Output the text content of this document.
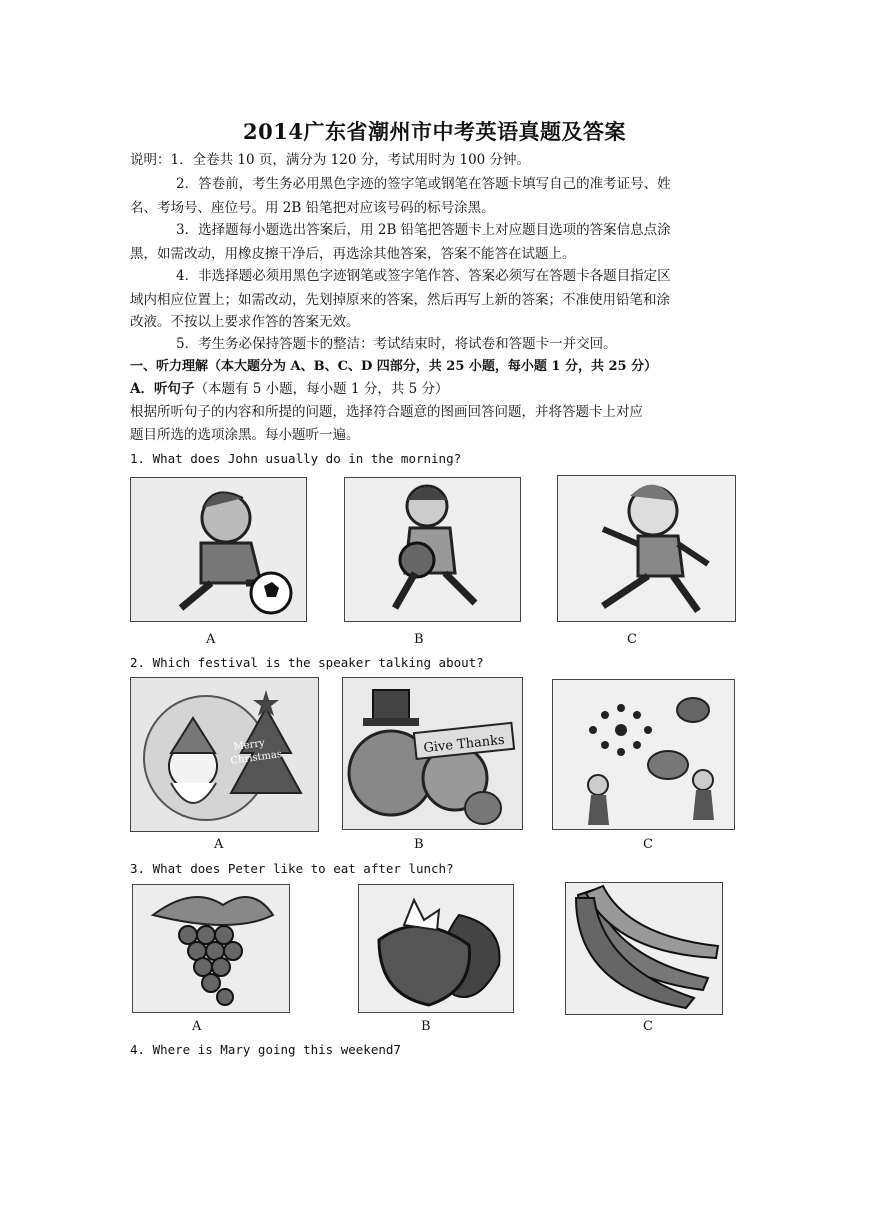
2014广东省潮州市中考英语真题及答案
说明：1．全卷共 10 页，满分为 120 分，考试用时为 100 分钟。
2．答卷前，考生务必用黑色字迹的签字笔或钢笔在答题卡填写自己的准考证号、姓
名、考场号、座位号。用 2B 铅笔把对应该号码的标号涂黑。
3．选择题每小题选出答案后，用 2B 铅笔把答题卡上对应题目选项的答案信息点涂
黑，如需改动，用橡皮擦干净后，再选涂其他答案，答案不能答在试题上。
4．非选择题必须用黑色字迹钢笔或签字笔作答、答案必须写在答题卡各题目指定区
域内相应位置上；如需改动，先划掉原来的答案，然后再写上新的答案；不准使用铅笔和涂
改液。不按以上要求作答的答案无效。
5．考生务必保持答题卡的整洁：考试结束时，将试卷和答题卡一并交回。
一、听力理解（本大题分为 A、B、C、D 四部分，共 25 小题，每小题 1 分，共 25 分）
A．听句子（本题有 5 小题，每小题 1 分，共 5 分）
根据所听句子的内容和所提的问题，选择符合题意的图画回答问题，并将答题卡上对应
题目所选的选项涂黑。每小题听一遍。
1. What does John usually do in the morning?
A	B	C
2. Which festival is the speaker talking about?
Merry
Christmas
Give Thanks
A	B	C
3. What does Peter like to eat after lunch?
A	B	C
4. Where is Mary going this weekend7
